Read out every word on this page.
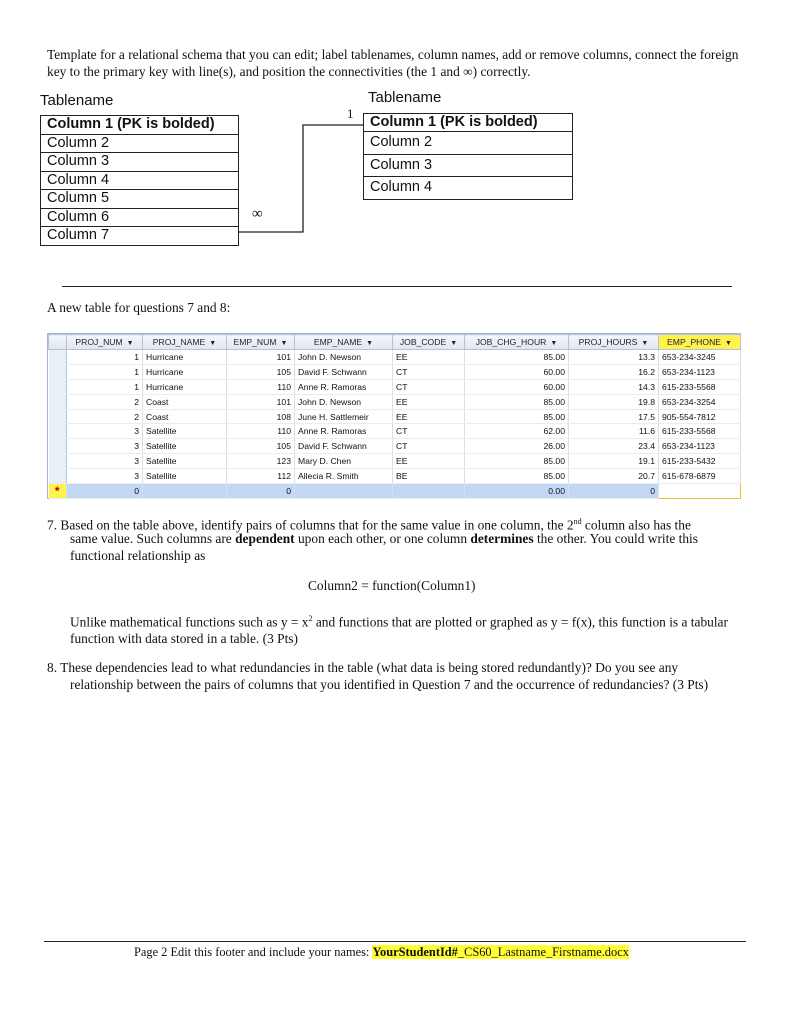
Template for a relational schema that you can edit; label tablenames, column names, add or remove columns, connect the foreign key to the primary key with line(s), and position the connectivities (the 1 and ∞) correctly.
Tablename
Column 1 (PK is bolded)
Column 2
Column 3
Column 4
Column 5
Column 6
Column 7
Tablename
Column 1 (PK is bolded)
Column 2
Column 3
Column 4
1
∞
A new table for questions 7 and 8:
	PROJ_NUM ▼	PROJ_NAME ▼	EMP_NUM ▼	EMP_NAME ▼	JOB_CODE ▼	JOB_CHG_HOUR ▼	PROJ_HOURS ▼	EMP_PHONE ▼
	1	Hurricane	101	John D. Newson	EE	85.00	13.3	653-234-3245
	1	Hurricane	105	David F. Schwann	CT	60.00	16.2	653-234-1123
	1	Hurricane	110	Anne R. Ramoras	CT	60.00	14.3	615-233-5568
	2	Coast	101	John D. Newson	EE	85.00	19.8	653-234-3254
	2	Coast	108	June H. Sattlemeir	EE	85.00	17.5	905-554-7812
	3	Satellite	110	Anne R. Ramoras	CT	62.00	11.6	615-233-5568
	3	Satellite	105	David F. Schwann	CT	26.00	23.4	653-234-1123
	3	Satellite	123	Mary D. Chen	EE	85.00	19.1	615-233-5432
	3	Satellite	112	Allecia R. Smith	BE	85.00	20.7	615-678-6879
*	0		0			0.00	0	
7. Based on the table above, identify pairs of columns that for the same value in one column, the 2nd column also has the
same value. Such columns are dependent upon each other, or one column determines the other. You could write this functional relationship as
Column2 = function(Column1)
Unlike mathematical functions such as $y = x^2$ and functions that are plotted or graphed as y = f(x), this function is a tabular function with data stored in a table. (3 Pts)
8. These dependencies lead to what redundancies in the table (what data is being stored redundantly)? Do you see any
relationship between the pairs of columns that you identified in Question 7 and the occurrence of redundancies? (3 Pts)
Page 2 Edit this footer and include your names: YourStudentId#_CS60_Lastname_Firstname.docx
